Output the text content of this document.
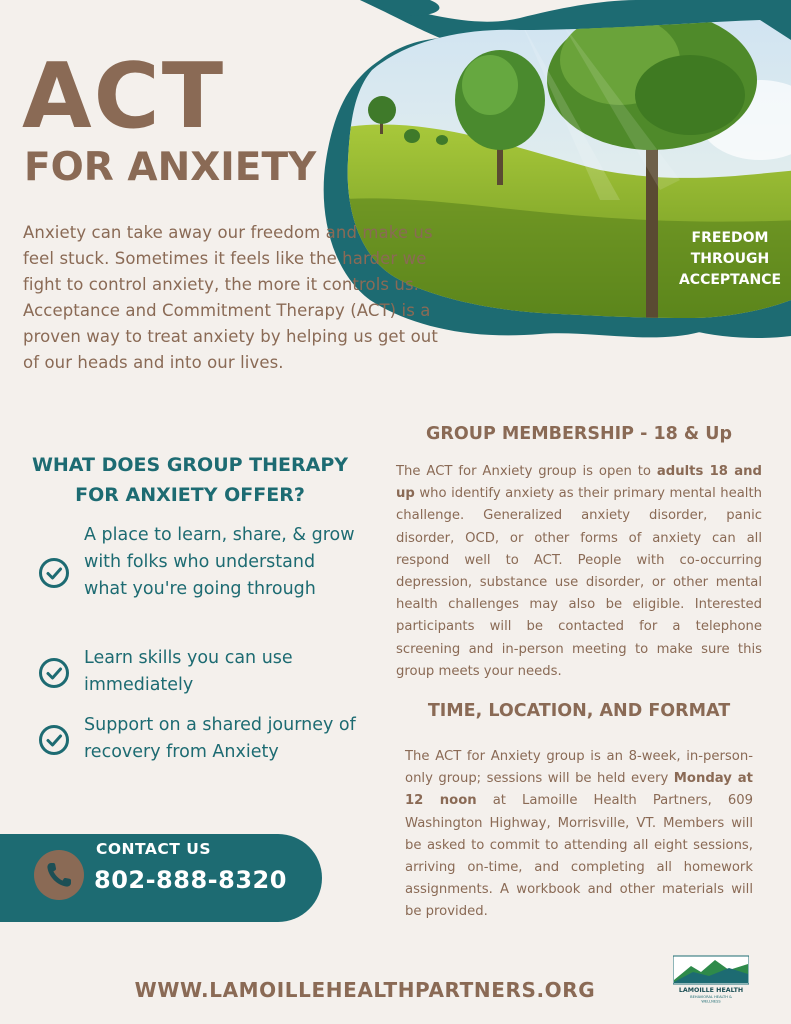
ACT
FOR ANXIETY
Anxiety can take away our freedom and make us feel stuck. Sometimes it feels like the harder we fight to control anxiety, the more it controls us. Acceptance and Commitment Therapy (ACT) is a proven way to treat anxiety by helping us get out of our heads and into our lives.
FREEDOM
THROUGH
ACCEPTANCE
WHAT DOES GROUP THERAPY
FOR ANXIETY OFFER?
A place to learn, share, & grow with folks who understand what you're going through
Learn skills you can use immediately
Support on a shared journey of recovery from Anxiety
CONTACT US
802-888-8320
GROUP MEMBERSHIP - 18 & Up
The ACT for Anxiety group is open to adults 18 and up who identify anxiety as their primary mental health challenge. Generalized anxiety disorder, panic disorder, OCD, or other forms of anxiety can all respond well to ACT. People with co-occurring depression, substance use disorder, or other mental health challenges may also be eligible. Interested participants will be contacted for a telephone screening and in-person meeting to make sure this group meets your needs.
TIME, LOCATION, AND FORMAT
The ACT for Anxiety group is an 8-week, in-person-only group; sessions will be held every Monday at 12 noon at Lamoille Health Partners, 609 Washington Highway, Morrisville, VT. Members will be asked to commit to attending all eight sessions, arriving on-time, and completing all homework assignments. A workbook and other materials will be provided.
WWW.LAMOILLEHEALTHPARTNERS.ORG	LAMOILLE HEALTH
BEHAVIORAL HEALTH &
WELLNESS
